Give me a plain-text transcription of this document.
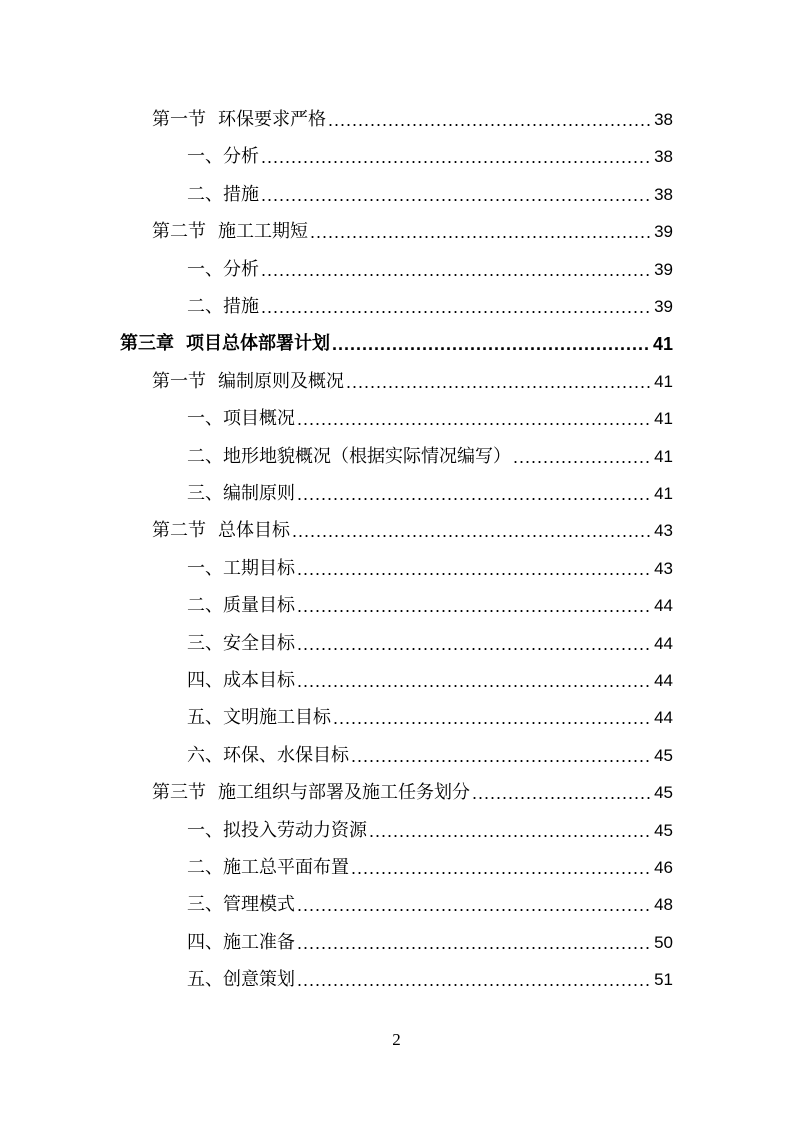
第一节 环保要求严格 .....	38
一、分析 .....	38
二、措施 .....	38
第二节 施工工期短 .....	39
一、分析 .....	39
二、措施 .....	39
第三章 项目总体部署计划 .....	41
第一节 编制原则及概况 .....	41
一、项目概况 .....	41
二、地形地貌概况（根据实际情况编写） .....	41
三、编制原则 .....	41
第二节 总体目标 .....	43
一、工期目标 .....	43
二、质量目标 .....	44
三、安全目标 .....	44
四、成本目标 .....	44
五、文明施工目标 .....	44
六、环保、水保目标 .....	45
第三节 施工组织与部署及施工任务划分 .....	45
一、拟投入劳动力资源 .....	45
二、施工总平面布置 .....	46
三、管理模式 .....	48
四、施工准备 .....	50
五、创意策划 .....	51
2
